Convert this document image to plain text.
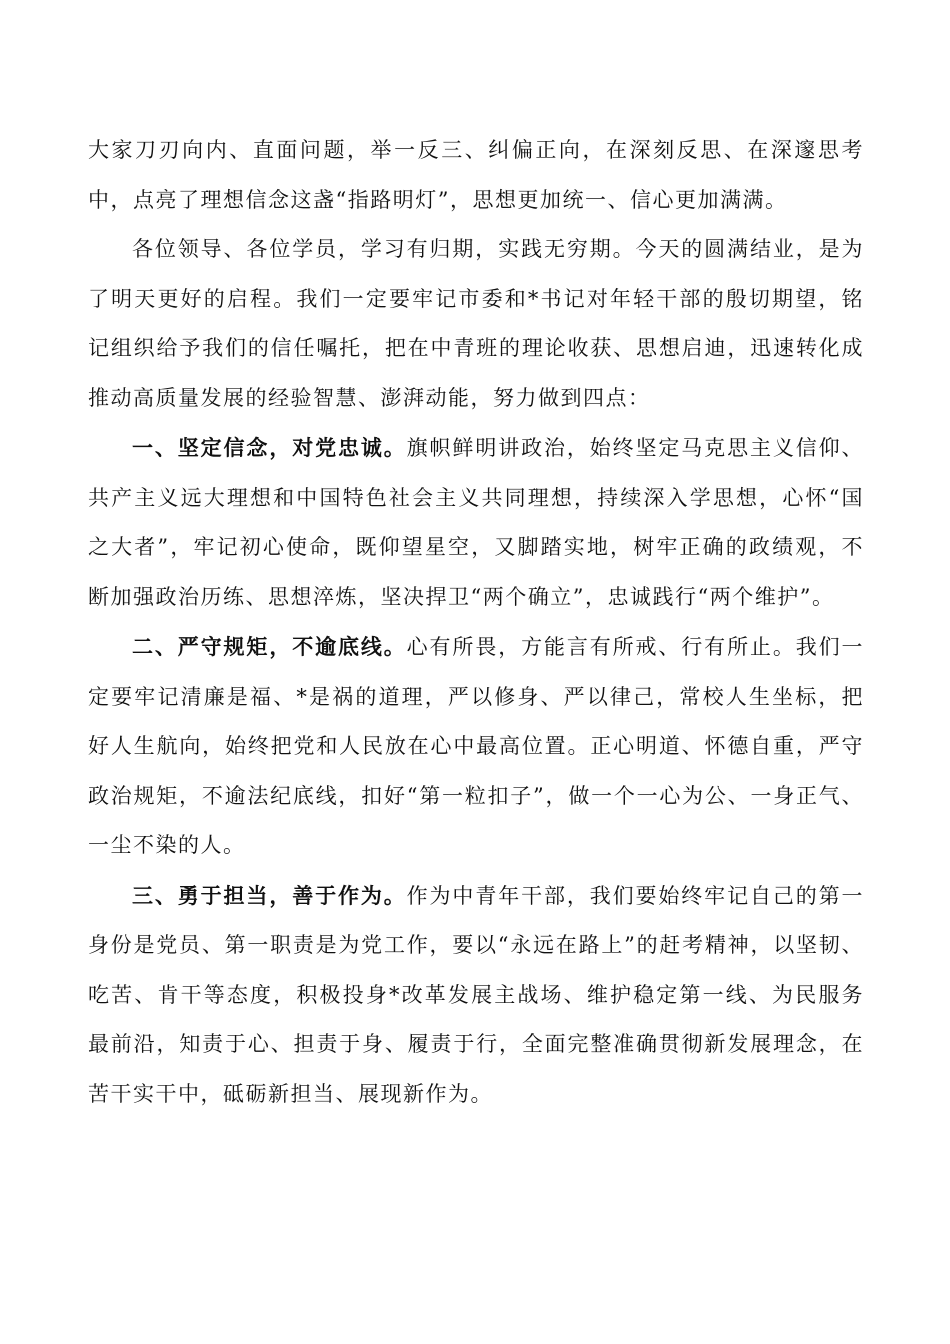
大家刀刃向内、直面问题，举一反三、纠偏正向，在深刻反思、在深邃思考中，点亮了理想信念这盏“指路明灯”，思想更加统一、信心更加满满。

各位领导、各位学员，学习有归期，实践无穷期。今天的圆满结业，是为了明天更好的启程。我们一定要牢记市委和*书记对年轻干部的殷切期望，铭记组织给予我们的信任嘱托，把在中青班的理论收获、思想启迪，迅速转化成推动高质量发展的经验智慧、澎湃动能，努力做到四点：

一、坚定信念，对党忠诚。旗帜鲜明讲政治，始终坚定马克思主义信仰、共产主义远大理想和中国特色社会主义共同理想，持续深入学思想，心怀“国之大者”，牢记初心使命，既仰望星空，又脚踏实地，树牢正确的政绩观，不断加强政治历练、思想淬炼，坚决捍卫“两个确立”，忠诚践行“两个维护”。

二、严守规矩，不逾底线。心有所畏，方能言有所戒、行有所止。我们一定要牢记清廉是福、*是祸的道理，严以修身、严以律己，常校人生坐标，把好人生航向，始终把党和人民放在心中最高位置。正心明道、怀德自重，严守政治规矩，不逾法纪底线，扣好“第一粒扣子”，做一个一心为公、一身正气、一尘不染的人。

三、勇于担当，善于作为。作为中青年干部，我们要始终牢记自己的第一身份是党员、第一职责是为党工作，要以“永远在路上”的赶考精神，以坚韧、吃苦、肯干等态度，积极投身*改革发展主战场、维护稳定第一线、为民服务最前沿，知责于心、担责于身、履责于行，全面完整准确贯彻新发展理念，在苦干实干中，砥砺新担当、展现新作为。
